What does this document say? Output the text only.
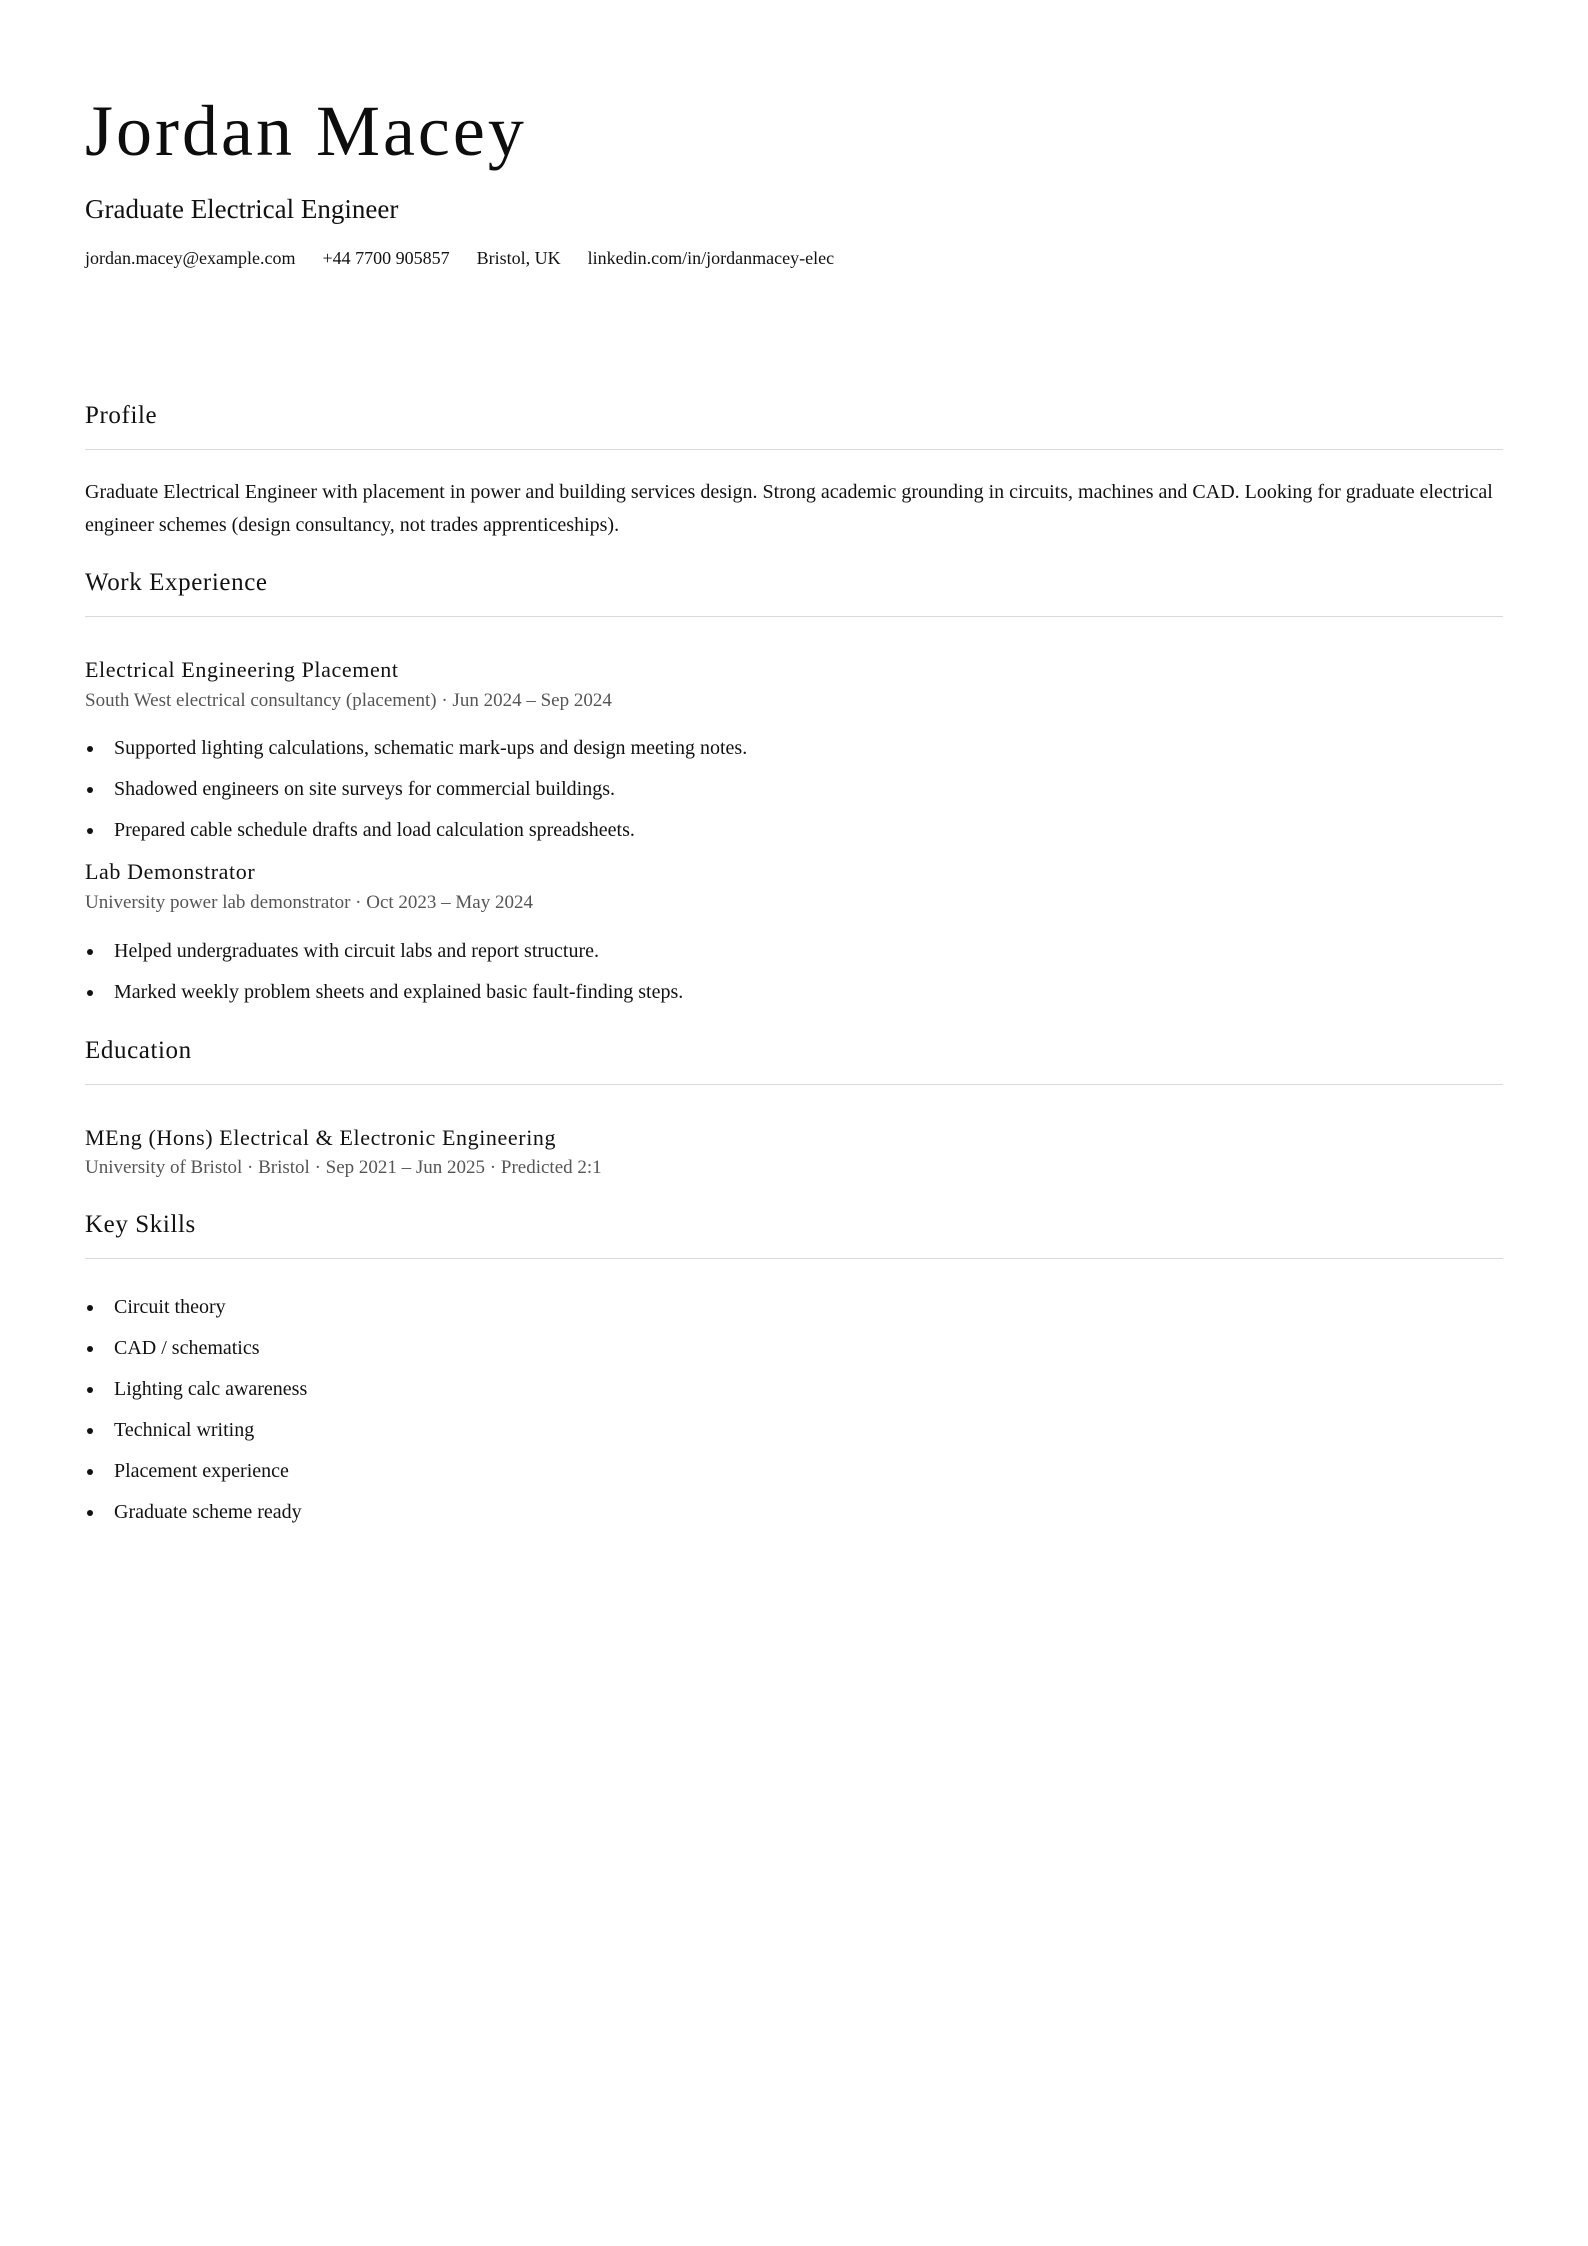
Jordan Macey
Graduate Electrical Engineer
jordan.macey@example.com +44 7700 905857 Bristol, UK linkedin.com/in/jordanmacey-elec
Profile

Graduate Electrical Engineer with placement in power and building services design. Strong academic grounding in circuits, machines and CAD. Looking for graduate electrical engineer schemes (design consultancy, not trades apprenticeships).

Work Experience
Electrical Engineering Placement
South West electrical consultancy (placement) · Jun 2024 – Sep 2024
Supported lighting calculations, schematic mark-ups and design meeting notes.
Shadowed engineers on site surveys for commercial buildings.
Prepared cable schedule drafts and load calculation spreadsheets.
Lab Demonstrator
University power lab demonstrator · Oct 2023 – May 2024
Helped undergraduates with circuit labs and report structure.
Marked weekly problem sheets and explained basic fault-finding steps.
Education
MEng (Hons) Electrical & Electronic Engineering
University of Bristol · Bristol · Sep 2021 – Jun 2025 · Predicted 2:1
Key Skills
Circuit theory
CAD / schematics
Lighting calc awareness
Technical writing
Placement experience
Graduate scheme ready
